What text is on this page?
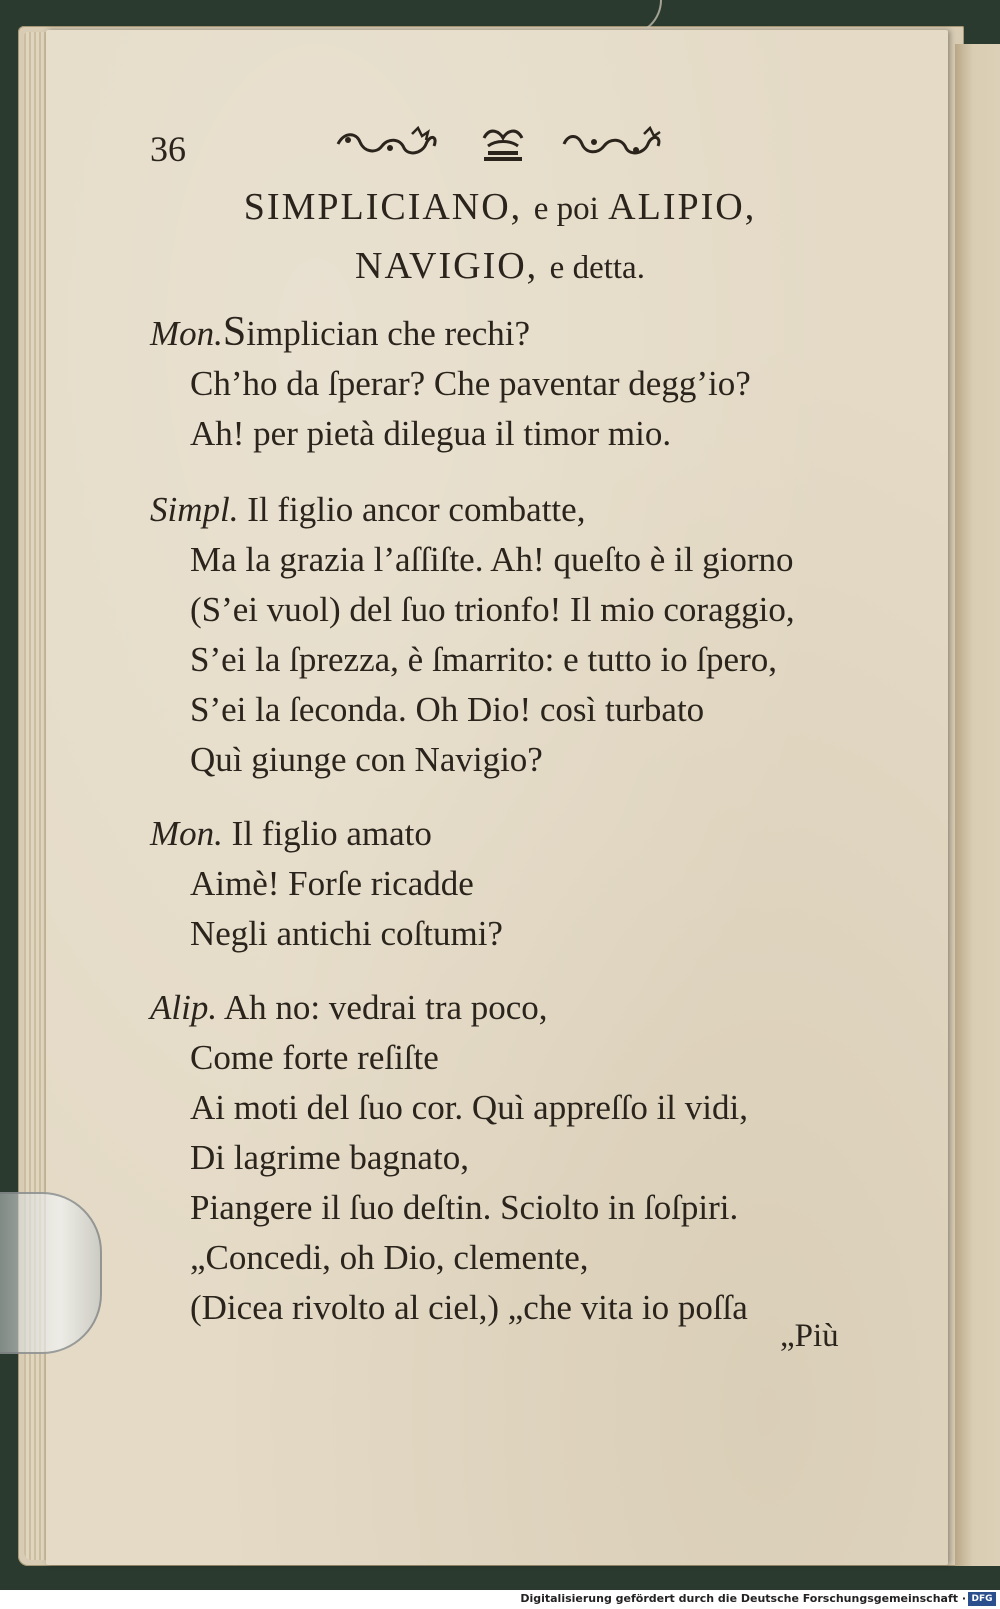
36
SIMPLICIANO, e poi ALIPIO,
NAVIGIO, e detta.
Mon.Simplician che rechi?
Ch’ho da ſperar? Che paventar degg’io?
Ah! per pietà dilegua il timor mio.
Simpl. Il figlio ancor combatte,
Ma la grazia l’aſſiſte. Ah! queſto è il giorno
(S’ei vuol) del ſuo trionfo! Il mio coraggio,
S’ei la ſprezza, è ſmarrito: e tutto io ſpero,
S’ei la ſeconda. Oh Dio! così turbato
Quì giunge con Navigio?
Mon. Il figlio amato
Aimè! Forſe ricadde
Negli antichi coſtumi?
Alip. Ah no: vedrai tra poco,
Come forte reſiſte
Ai moti del ſuo cor. Quì appreſſo il vidi,
Di lagrime bagnato,
Piangere il ſuo deſtin. Sciolto in ſoſpiri.
„Concedi, oh Dio, clemente,
(Dicea rivolto al ciel,) „che vita io poſſa
„Più
Digitalisierung gefördert durch die Deutsche Forschungsgemeinschaft · DFG
